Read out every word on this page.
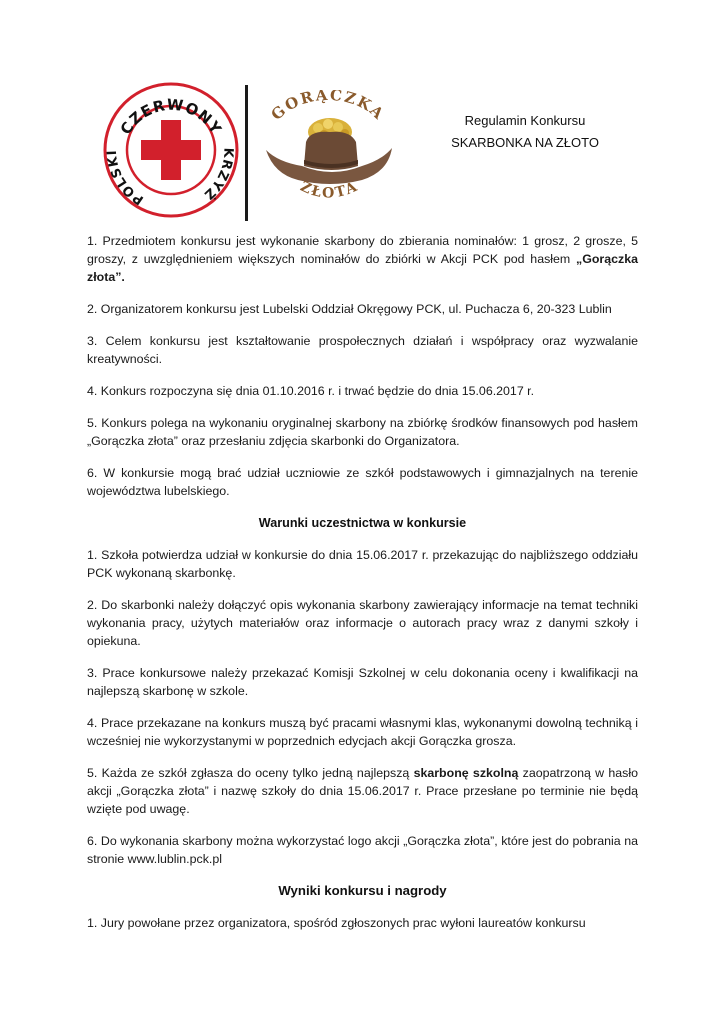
CZERWONY
POLSKI	KRZYŻ
GORĄCZKA
ZŁOTA
Regulamin Konkursu
SKARBONKA NA ZŁOTO

1. Przedmiotem konkursu jest wykonanie skarbony do zbierania nominałów: 1 grosz, 2 grosze, 5 groszy, z uwzględnieniem większych nominałów do zbiórki w Akcji PCK pod hasłem „Gorączka złota”.

2. Organizatorem konkursu jest Lubelski Oddział Okręgowy PCK, ul. Puchacza 6, 20-323 Lublin

3. Celem konkursu jest kształtowanie prospołecznych działań i współpracy oraz wyzwalanie kreatywności.

4. Konkurs rozpoczyna się dnia 01.10.2016 r. i trwać będzie do dnia 15.06.2017 r.

5. Konkurs polega na wykonaniu oryginalnej skarbony na zbiórkę środków finansowych pod hasłem „Gorączka złota” oraz przesłaniu zdjęcia skarbonki do Organizatora.

6. W konkursie mogą brać udział uczniowie ze szkół podstawowych i gimnazjalnych na terenie województwa lubelskiego.

Warunki uczestnictwa w konkursie

1. Szkoła potwierdza udział w konkursie do dnia 15.06.2017 r. przekazując do najbliższego oddziału PCK wykonaną skarbonkę.

2. Do skarbonki należy dołączyć opis wykonania skarbony zawierający informacje na temat techniki wykonania pracy, użytych materiałów oraz informacje o autorach pracy wraz z danymi szkoły i opiekuna.

3. Prace konkursowe należy przekazać Komisji Szkolnej w celu dokonania oceny i kwalifikacji na najlepszą skarbonę w szkole.

4. Prace przekazane na konkurs muszą być pracami własnymi klas, wykonanymi dowolną techniką i wcześniej nie wykorzystanymi w poprzednich edycjach akcji Gorączka grosza.

5. Każda ze szkół zgłasza do oceny tylko jedną najlepszą skarbonę szkolną zaopatrzoną w hasło akcji „Gorączka złota” i nazwę szkoły do dnia 15.06.2017 r. Prace przesłane po terminie nie będą wzięte pod uwagę.

6. Do wykonania skarbony można wykorzystać logo akcji „Gorączka złota”, które jest do pobrania na stronie www.lublin.pck.pl

Wyniki konkursu i nagrody

1. Jury powołane przez organizatora, spośród zgłoszonych prac wyłoni laureatów konkursu
